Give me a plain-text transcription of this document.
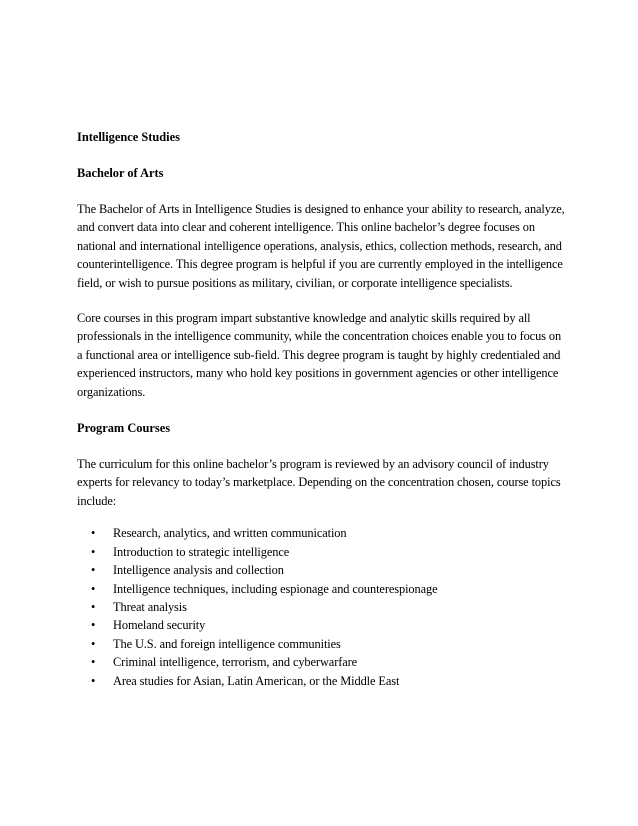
Intelligence Studies

Bachelor of Arts

The Bachelor of Arts in Intelligence Studies is designed to enhance your ability to research, analyze, and convert data into clear and coherent intelligence. This online bachelor’s degree focuses on national and international intelligence operations, analysis, ethics, collection methods, research, and counterintelligence. This degree program is helpful if you are currently employed in the intelligence field, or wish to pursue positions as military, civilian, or corporate intelligence specialists.

Core courses in this program impart substantive knowledge and analytic skills required by all professionals in the intelligence community, while the concentration choices enable you to focus on a functional area or intelligence sub-field. This degree program is taught by highly credentialed and experienced instructors, many who hold key positions in government agencies or other intelligence organizations.

Program Courses

The curriculum for this online bachelor’s program is reviewed by an advisory council of industry experts for relevancy to today’s marketplace. Depending on the concentration chosen, course topics include:

• Research, analytics, and written communication
• Introduction to strategic intelligence
• Intelligence analysis and collection
• Intelligence techniques, including espionage and counterespionage
• Threat analysis
• Homeland security
• The U.S. and foreign intelligence communities
• Criminal intelligence, terrorism, and cyberwarfare
• Area studies for Asian, Latin American, or the Middle East
